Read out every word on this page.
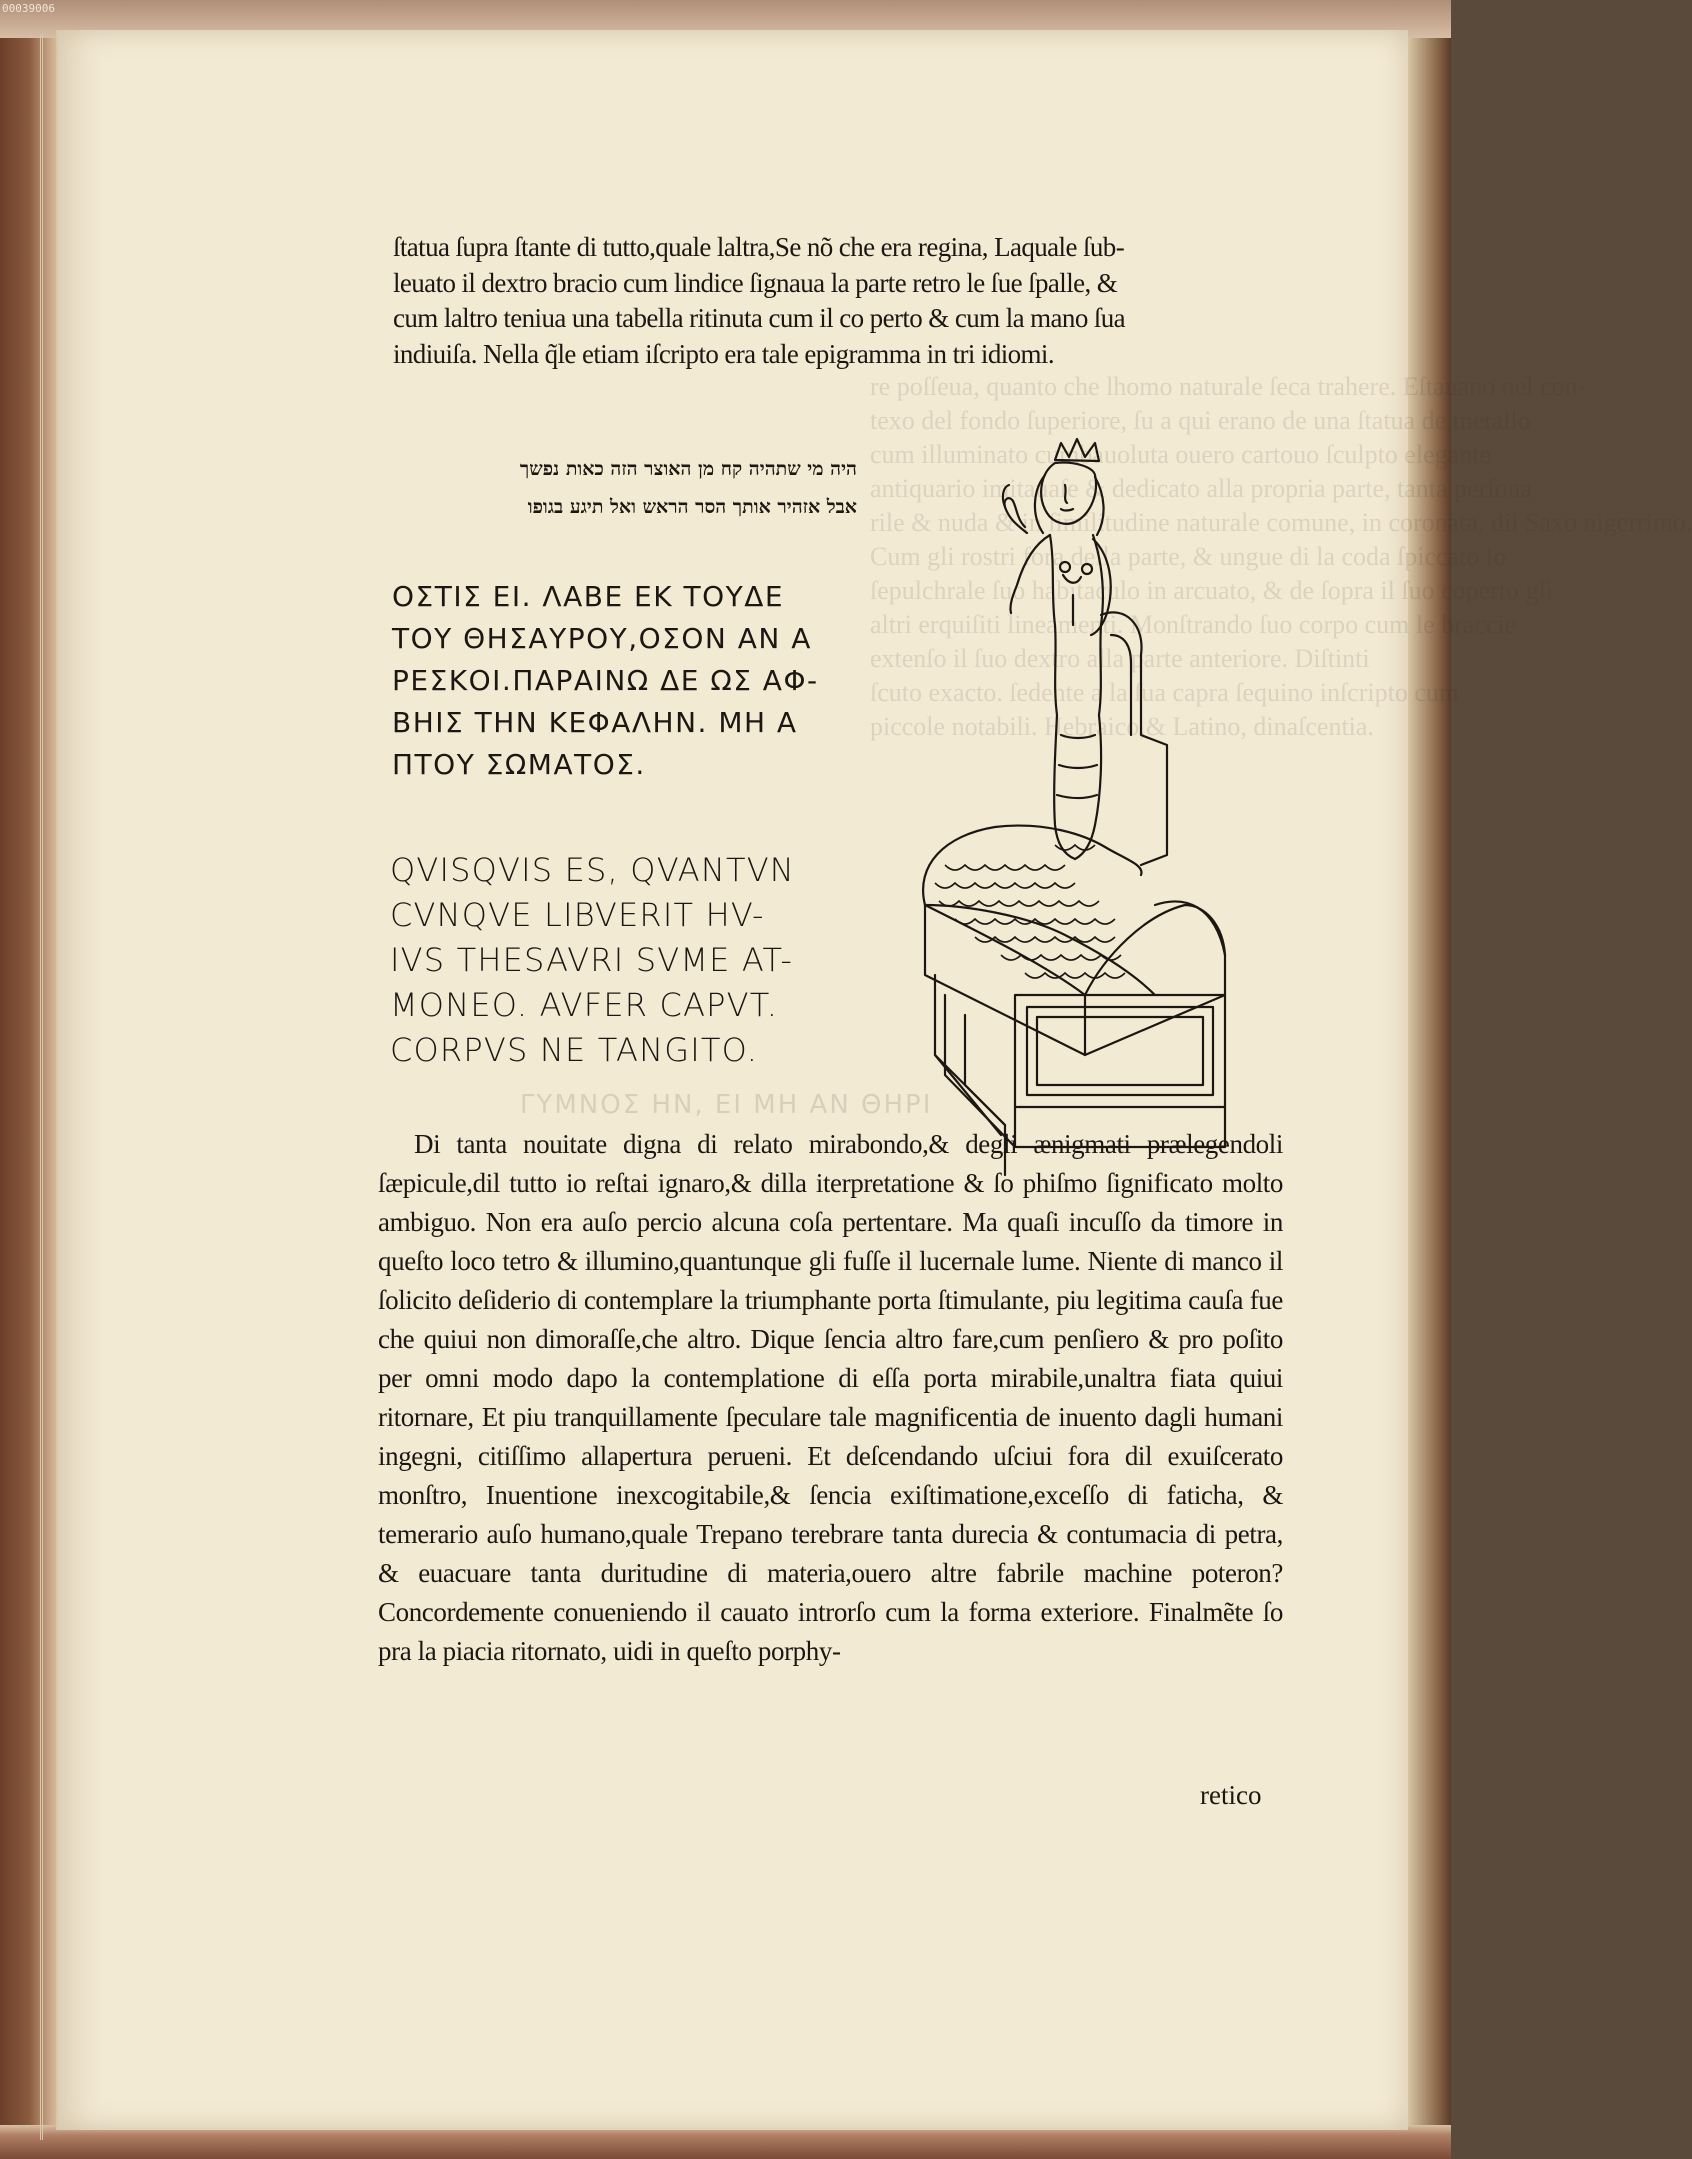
00039006
re poſſeua, quanto che lhomo naturale ſeca trahere. Eſtauano nel con-
texo del fondo ſuperiore, ſu a qui erano de una ſtatua de metallo
cum illuminato cumbauoluta ouero cartouo ſculpto elegante
antiquario imitauaſe & dedicato alla propria parte, tanta perſona
rile & nuda & in ſimilitudine naturale comune, in coronata, dil Saxo nigerrimo.
Cum gli rostri fora della parte, & ungue di la coda ſpiccato lo
ſepulchrale ſuo habitaculo in arcuato, & de ſopra il ſuo coperto gli
altri erquiſiti lineamenti. Monſtrando ſuo corpo cum le braccie
extenſo il ſuo dextro alla parte anteriore. Diſtinti
ſcuto exacto. ſedente a la ſua capra ſequino inſcripto cum
piccole notabili. Hebraico,& Latino, dinaſcentia.
ΓΥΜΝΟΣ ΗΝ, ΕΙ ΜΗ ΑΝ ΘΗΡΙ
ſtatua ſupra ſtante di tutto,quale laltra,Se nõ che era regina, Laquale ſub-
leuato il dextro bracio cum lindice ſignaua la parte retro le ſue ſpalle, &
cum laltro teniua una tabella ritinuta cum il co perto & cum la mano ſua
indiuiſa. Nella q̃le etiam iſcripto era tale epigramma in tri idiomi.
היה מי שתהיה קח מן האוצר הזה כאות נפשך
אבל אזהיר אותך הסר הראש ואל תיגע בגופו
ΟΣΤΙΣ ΕΙ. ΛΑΒΕ ΕΚ ΤΟΥΔΕ
ΤΟΥ ΘΗΣΑΥΡΟΥ,ΟΣΟΝ ΑΝ Α
ΡΕΣΚΟΙ.ΠΑΡΑΙΝΩ ΔΕ ΩΣ ΑΦ-
ΒΗΙΣ ΤΗΝ ΚΕΦΑΛΗΝ. ΜΗ Α
ΠΤΟΥ ΣΩΜΑΤΟΣ.
QVISQVIS ES, QVANTVN
CVNQVE LIBVERIT HV-
IVS THESAVRI SVME AT-
MONEO. AVFER CAPVT.
CORPVS NE TANGITO.
Di tanta nouitate digna di relato mirabondo,& degli ænigmati prælegendoli ſæpicule,dil tutto io reſtai ignaro,& dilla iterpretatione & ſo phiſmo ſignificato molto ambiguo. Non era auſo percio alcuna coſa pertentare. Ma quaſi incuſſo da timore in queſto loco tetro & illumino,quantunque gli fuſſe il lucernale lume. Niente di manco il ſolicito deſiderio di contemplare la triumphante porta ſtimulante, piu legitima cauſa fue che quiui non dimoraſſe,che altro. Dique ſencia altro fare,cum penſiero & pro poſito per omni modo dapo la contemplatione di eſſa porta mirabile,unaltra fiata quiui ritornare, Et piu tranquillamente ſpeculare tale magnificentia de inuento dagli humani ingegni, citiſſimo allapertura perueni. Et deſcendando uſciui fora dil exuiſcerato monſtro, Inuentione inexcogitabile,& ſencia exiſtimatione,exceſſo di faticha, & temerario auſo humano,quale Trepano terebrare tanta durecia & contumacia di petra, & euacuare tanta duritudine di materia,ouero altre fabrile machine poteron? Concordemente conueniendo il cauato introrſo cum la forma exteriore. Finalmẽte ſo pra la piacia ritornato, uidi in queſto porphy-
retico
